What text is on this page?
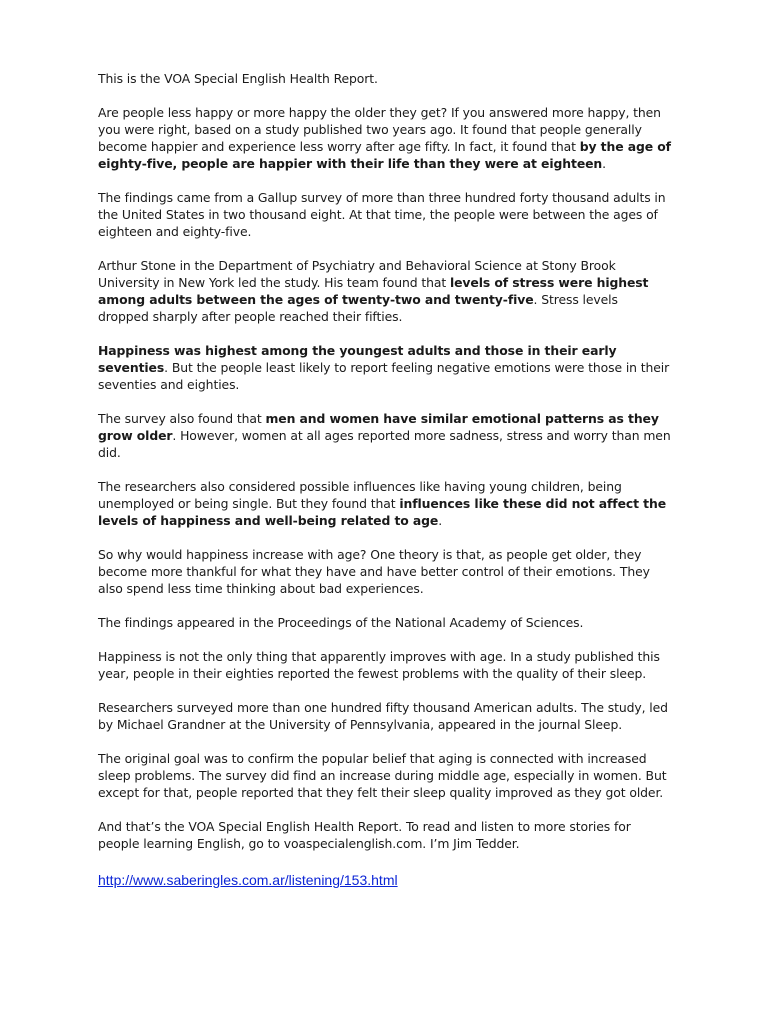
This is the VOA Special English Health Report.

Are people less happy or more happy the older they get? If you answered more happy, then you were right, based on a study published two years ago. It found that people generally become happier and experience less worry after age fifty. In fact, it found that by the age of eighty-five, people are happier with their life than they were at eighteen.

The findings came from a Gallup survey of more than three hundred forty thousand adults in the United States in two thousand eight. At that time, the people were between the ages of eighteen and eighty-five.

Arthur Stone in the Department of Psychiatry and Behavioral Science at Stony Brook University in New York led the study. His team found that levels of stress were highest among adults between the ages of twenty-two and twenty-five. Stress levels dropped sharply after people reached their fifties.

Happiness was highest among the youngest adults and those in their early seventies. But the people least likely to report feeling negative emotions were those in their seventies and eighties.

The survey also found that men and women have similar emotional patterns as they grow older. However, women at all ages reported more sadness, stress and worry than men did.

The researchers also considered possible influences like having young children, being unemployed or being single. But they found that influences like these did not affect the levels of happiness and well-being related to age.

So why would happiness increase with age? One theory is that, as people get older, they become more thankful for what they have and have better control of their emotions. They also spend less time thinking about bad experiences.

The findings appeared in the Proceedings of the National Academy of Sciences.

Happiness is not the only thing that apparently improves with age. In a study published this year, people in their eighties reported the fewest problems with the quality of their sleep.

Researchers surveyed more than one hundred fifty thousand American adults. The study, led by Michael Grandner at the University of Pennsylvania, appeared in the journal Sleep.

The original goal was to confirm the popular belief that aging is connected with increased sleep problems. The survey did find an increase during middle age, especially in women. But except for that, people reported that they felt their sleep quality improved as they got older.

And that’s the VOA Special English Health Report. To read and listen to more stories for people learning English, go to voaspecialenglish.com. I’m Jim Tedder.

http://www.saberingles.com.ar/listening/153.html
